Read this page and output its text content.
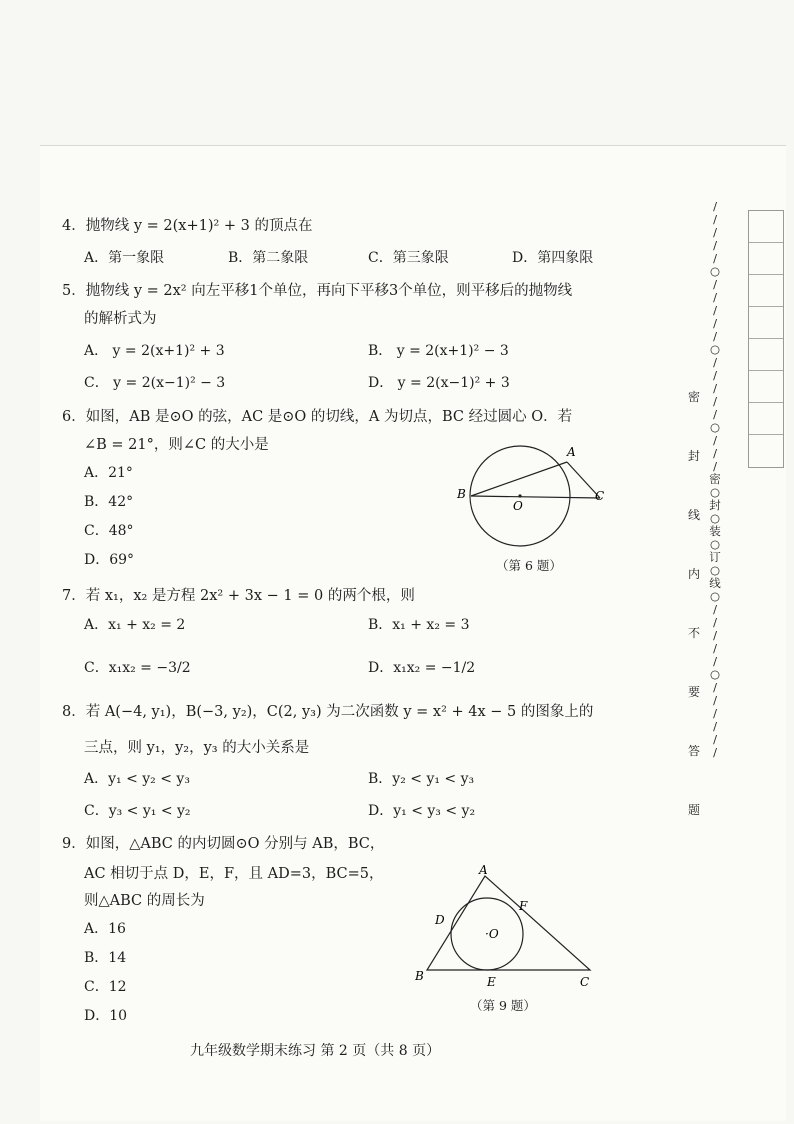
4．抛物线 y = 2(x+1)² + 3 的顶点在
A．第一象限	B．第二象限	C．第三象限	D．第四象限
5．抛物线 y = 2x² 向左平移1个单位，再向下平移3个单位，则平移后的抛物线
的解析式为
A． y = 2(x+1)² + 3	B． y = 2(x+1)² − 3
C． y = 2(x−1)² − 3	D． y = 2(x−1)² + 3
6．如图，AB 是⊙O 的弦，AC 是⊙O 的切线，A 为切点，BC 经过圆心 O．若
∠B = 21°，则∠C 的大小是
A．21°
B．42°
C．48°
D．69°
A
B	C
O
（第 6 题）
7．若 x₁，x₂ 是方程 2x² + 3x − 1 = 0 的两个根，则
A．x₁ + x₂ = 2	B．x₁ + x₂ = 3
C．x₁x₂ = −3/2	D．x₁x₂ = −1/2
8．若 A(−4, y₁)，B(−3, y₂)，C(2, y₃) 为二次函数 y = x² + 4x − 5 的图象上的
三点，则 y₁，y₂，y₃ 的大小关系是
A．y₁ < y₂ < y₃	B．y₂ < y₁ < y₃
C．y₃ < y₁ < y₂	D．y₁ < y₃ < y₂
9．如图，△ABC 的内切圆⊙O 分别与 AB，BC，
AC 相切于点 D，E，F，且 AD=3，BC=5，
则△ABC 的周长为
A．16
B．14
C．12
D．10
A
B	C
D
E
F
·O
（第 9 题）
九年级数学期末练习 第 2 页（共 8 页）
/
/
/
/
/
○
/
/
/
/
/
○
/
/
/
/
/
○
/
/
/
密
○
封
○
装
○
订
○
线
○
/
/
/
/
/
○
/
/
/
/
/
/
密
封
线
内
不
要
答
题
